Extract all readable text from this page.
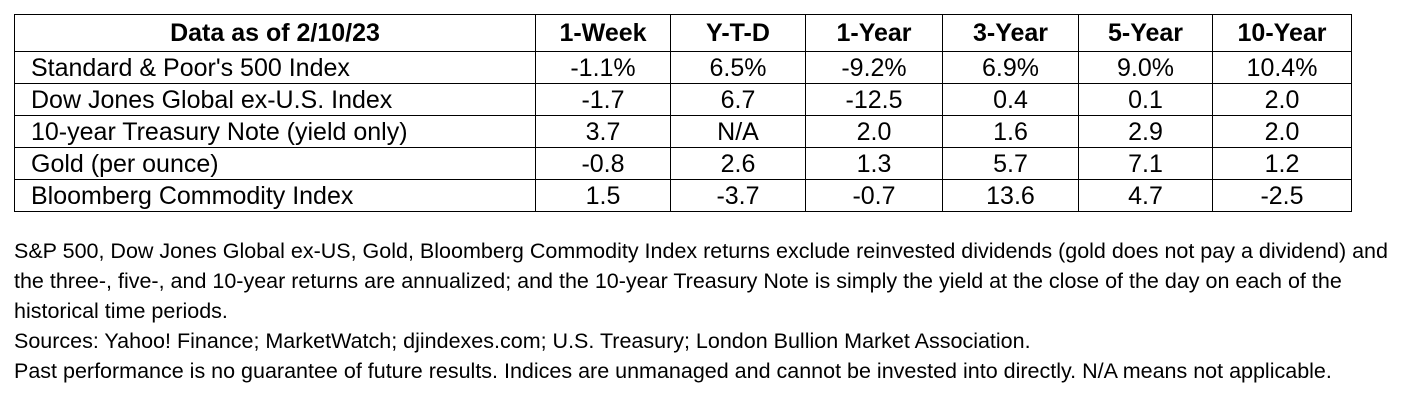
Data as of 2/10/23	1-Week	Y-T-D	1-Year	3-Year	5-Year	10-Year
Standard & Poor's 500 Index	-1.1%	6.5%	-9.2%	6.9%	9.0%	10.4%
Dow Jones Global ex-U.S. Index	-1.7	6.7	-12.5	0.4	0.1	2.0
10-year Treasury Note (yield only)	3.7	N/A	2.0	1.6	2.9	2.0
Gold (per ounce)	-0.8	2.6	1.3	5.7	7.1	1.2
Bloomberg Commodity Index	1.5	-3.7	-0.7	13.6	4.7	-2.5

S&P 500, Dow Jones Global ex-US, Gold, Bloomberg Commodity Index returns exclude reinvested dividends (gold does not pay a dividend) and the three-, five-, and 10-year returns are annualized; and the 10-year Treasury Note is simply the yield at the close of the day on each of the historical time periods.

Sources: Yahoo! Finance; MarketWatch; djindexes.com; U.S. Treasury; London Bullion Market Association.

Past performance is no guarantee of future results. Indices are unmanaged and cannot be invested into directly. N/A means not applicable.
